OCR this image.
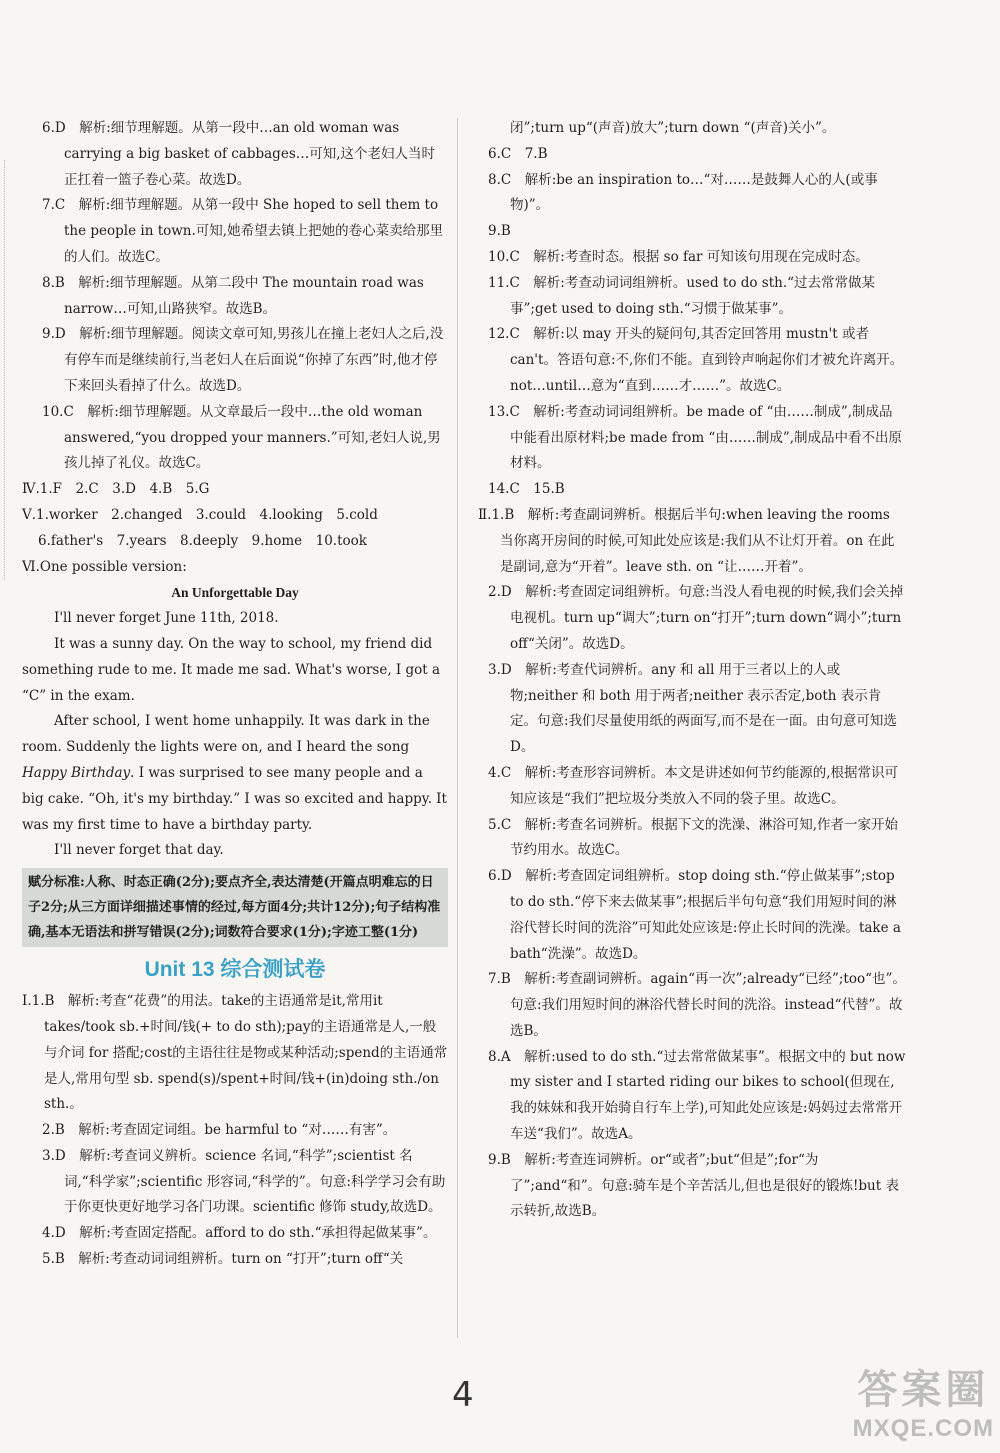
6.D　解析:细节理解题。从第一段中…an old woman was carrying a big basket of cabbages…可知,这个老妇人当时正扛着一篮子卷心菜。故选D。

7.C　解析:细节理解题。从第一段中 She hoped to sell them to the people in town.可知,她希望去镇上把她的卷心菜卖给那里的人们。故选C。

8.B　解析:细节理解题。从第二段中 The mountain road was narrow…可知,山路狭窄。故选B。

9.D　解析:细节理解题。阅读文章可知,男孩儿在撞上老妇人之后,没有停车而是继续前行,当老妇人在后面说“你掉了东西”时,他才停下来回头看掉了什么。故选D。

10.C　解析:细节理解题。从文章最后一段中…the old woman answered,“you dropped your manners.”可知,老妇人说,男孩儿掉了礼仪。故选C。

Ⅳ.1.F　2.C　3.D　4.B　5.G

Ⅴ.1.worker　2.changed　3.could　4.looking　5.cold

6.father's　7.years　8.deeply　9.home　10.took

Ⅵ.One possible version:

An Unforgettable Day

I'll never forget June 11th, 2018.

It was a sunny day. On the way to school, my friend did something rude to me. It made me sad. What's worse, I got a “C” in the exam.

After school, I went home unhappily. It was dark in the room. Suddenly the lights were on, and I heard the song Happy Birthday. I was surprised to see many people and a big cake. “Oh, it's my birthday.” I was so excited and happy. It was my first time to have a birthday party.

I'll never forget that day.

赋分标准:人称、时态正确(2分);要点齐全,表达清楚(开篇点明难忘的日子2分;从三方面详细描述事情的经过,每方面4分;共计12分);句子结构准确,基本无语法和拼写错误(2分);词数符合要求(1分);字迹工整(1分)

Unit 13 综合测试卷

Ⅰ.1.B　解析:考查“花费”的用法。take的主语通常是it,常用it takes/took sb.+时间/钱(+ to do sth);pay的主语通常是人,一般与介词 for 搭配;cost的主语往往是物或某种活动;spend的主语通常是人,常用句型 sb. spend(s)/spent+时间/钱+(in)doing sth./on sth.。

2.B　解析:考查固定词组。be harmful to “对……有害”。

3.D　解析:考查词义辨析。science 名词,“科学”;scientist 名词,“科学家”;scientific 形容词,“科学的”。句意:科学学习会有助于你更快更好地学习各门功课。scientific 修饰 study,故选D。

4.D　解析:考查固定搭配。afford to do sth.“承担得起做某事”。

5.B　解析:考查动词词组辨析。turn on “打开”;turn off“关

闭”;turn up“(声音)放大”;turn down “(声音)关小”。

6.C　7.B

8.C　解析:be an inspiration to…“对……是鼓舞人心的人(或事物)”。

9.B

10.C　解析:考查时态。根据 so far 可知该句用现在完成时态。

11.C　解析:考查动词词组辨析。used to do sth.“过去常常做某事”;get used to doing sth.“习惯于做某事”。

12.C　解析:以 may 开头的疑问句,其否定回答用 mustn't 或者 can't。答语句意:不,你们不能。直到铃声响起你们才被允许离开。not…until…意为“直到……才……”。故选C。

13.C　解析:考查动词词组辨析。be made of “由……制成”,制成品中能看出原材料;be made from “由……制成”,制成品中看不出原材料。

14.C　15.B

Ⅱ.1.B　解析:考查副词辨析。根据后半句:when leaving the rooms 当你离开房间的时候,可知此处应该是:我们从不让灯开着。on 在此是副词,意为“开着”。leave sth. on “让……开着”。

2.D　解析:考查固定词组辨析。句意:当没人看电视的时候,我们会关掉电视机。turn up“调大”;turn on“打开”;turn down“调小”;turn off“关闭”。故选D。

3.D　解析:考查代词辨析。any 和 all 用于三者以上的人或物;neither 和 both 用于两者;neither 表示否定,both 表示肯定。句意:我们尽量使用纸的两面写,而不是在一面。由句意可知选D。

4.C　解析:考查形容词辨析。本文是讲述如何节约能源的,根据常识可知应该是“我们”把垃圾分类放入不同的袋子里。故选C。

5.C　解析:考查名词辨析。根据下文的洗澡、淋浴可知,作者一家开始节约用水。故选C。

6.D　解析:考查固定词组辨析。stop doing sth.“停止做某事”;stop to do sth.“停下来去做某事”;根据后半句句意“我们用短时间的淋浴代替长时间的洗浴”可知此处应该是:停止长时间的洗澡。take a bath“洗澡”。故选D。

7.B　解析:考查副词辨析。again“再一次”;already“已经”;too“也”。句意:我们用短时间的淋浴代替长时间的洗浴。instead“代替”。故选B。

8.A　解析:used to do sth.“过去常常做某事”。根据文中的 but now my sister and I started riding our bikes to school(但现在,我的妹妹和我开始骑自行车上学),可知此处应该是:妈妈过去常常开车送“我们”。故选A。

9.B　解析:考查连词辨析。or“或者”;but“但是”;for“为了”;and“和”。句意:骑车是个辛苦活儿,但也是很好的锻炼!but 表示转折,故选B。

4	答案圈
MXQE.COM
